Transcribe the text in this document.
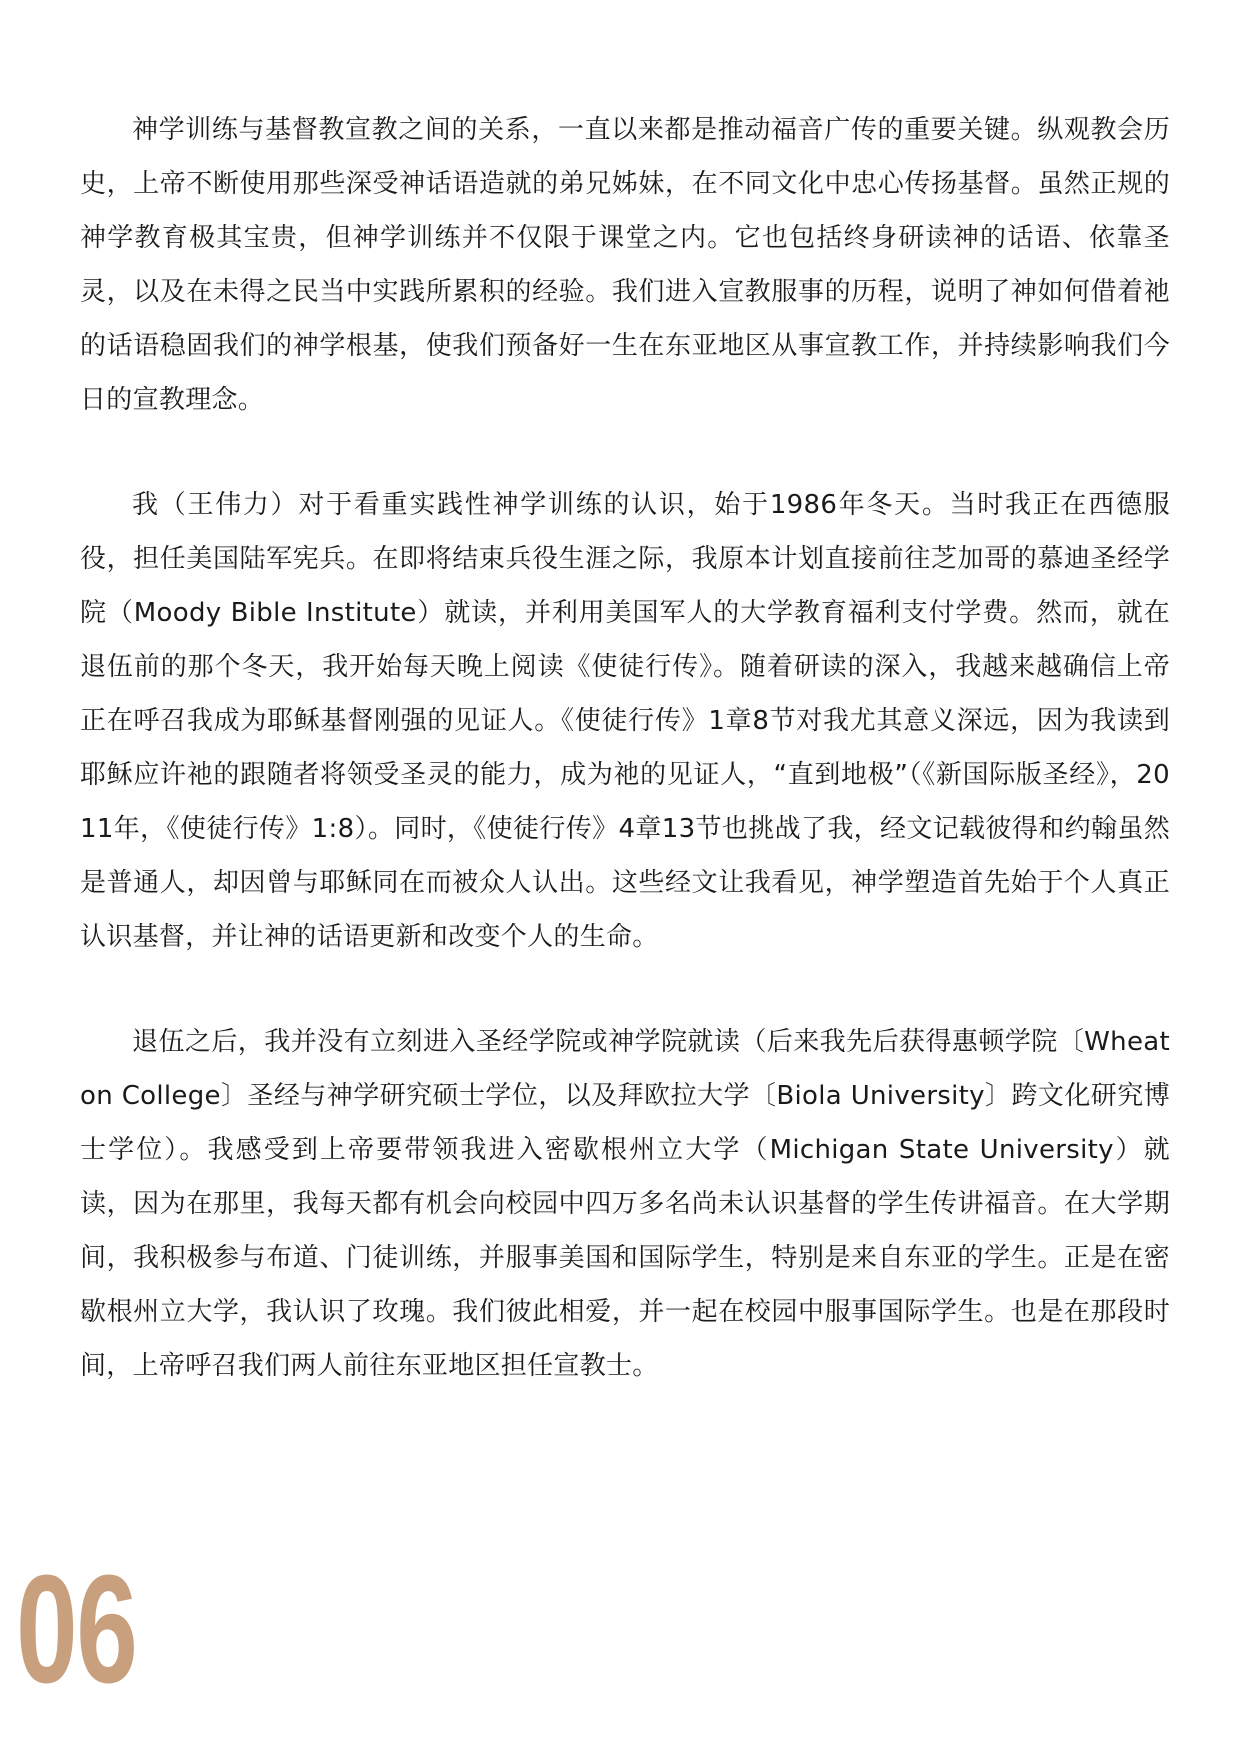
神学训练与基督教宣教之间的关系，一直以来都是推动福音广传的重要关键。纵观教会历史，上帝不断使用那些深受神话语造就的弟兄姊妹，在不同文化中忠心传扬基督。虽然正规的神学教育极其宝贵，但神学训练并不仅限于课堂之内。它也包括终身研读神的话语、依靠圣灵，以及在未得之民当中实践所累积的经验。我们进入宣教服事的历程，说明了神如何借着祂的话语稳固我们的神学根基，使我们预备好一生在东亚地区从事宣教工作，并持续影响我们今日的宣教理念。

我（王伟力）对于看重实践性神学训练的认识，始于1986年冬天。当时我正在西德服役，担任美国陆军宪兵。在即将结束兵役生涯之际，我原本计划直接前往芝加哥的慕迪圣经学院（Moody Bible Institute）就读，并利用美国军人的大学教育福利支付学费。然而，就在退伍前的那个冬天，我开始每天晚上阅读《使徒行传》。随着研读的深入，我越来越确信上帝正在呼召我成为耶稣基督刚强的见证人。《使徒行传》1章8节对我尤其意义深远，因为我读到耶稣应许祂的跟随者将领受圣灵的能力，成为祂的见证人，“直到地极”（《新国际版圣经》，2011年，《使徒行传》1:8）。同时，《使徒行传》4章13节也挑战了我，经文记载彼得和约翰虽然是普通人，却因曾与耶稣同在而被众人认出。这些经文让我看见，神学塑造首先始于个人真正认识基督，并让神的话语更新和改变个人的生命。

退伍之后，我并没有立刻进入圣经学院或神学院就读（后来我先后获得惠顿学院〔Wheaton College〕圣经与神学研究硕士学位，以及拜欧拉大学〔Biola University〕跨文化研究博士学位）。我感受到上帝要带领我进入密歇根州立大学（Michigan State University）就读，因为在那里，我每天都有机会向校园中四万多名尚未认识基督的学生传讲福音。在大学期间，我积极参与布道、门徒训练，并服事美国和国际学生，特别是来自东亚的学生。正是在密歇根州立大学，我认识了玫瑰。我们彼此相爱，并一起在校园中服事国际学生。也是在那段时间，上帝呼召我们两人前往东亚地区担任宣教士。

06
